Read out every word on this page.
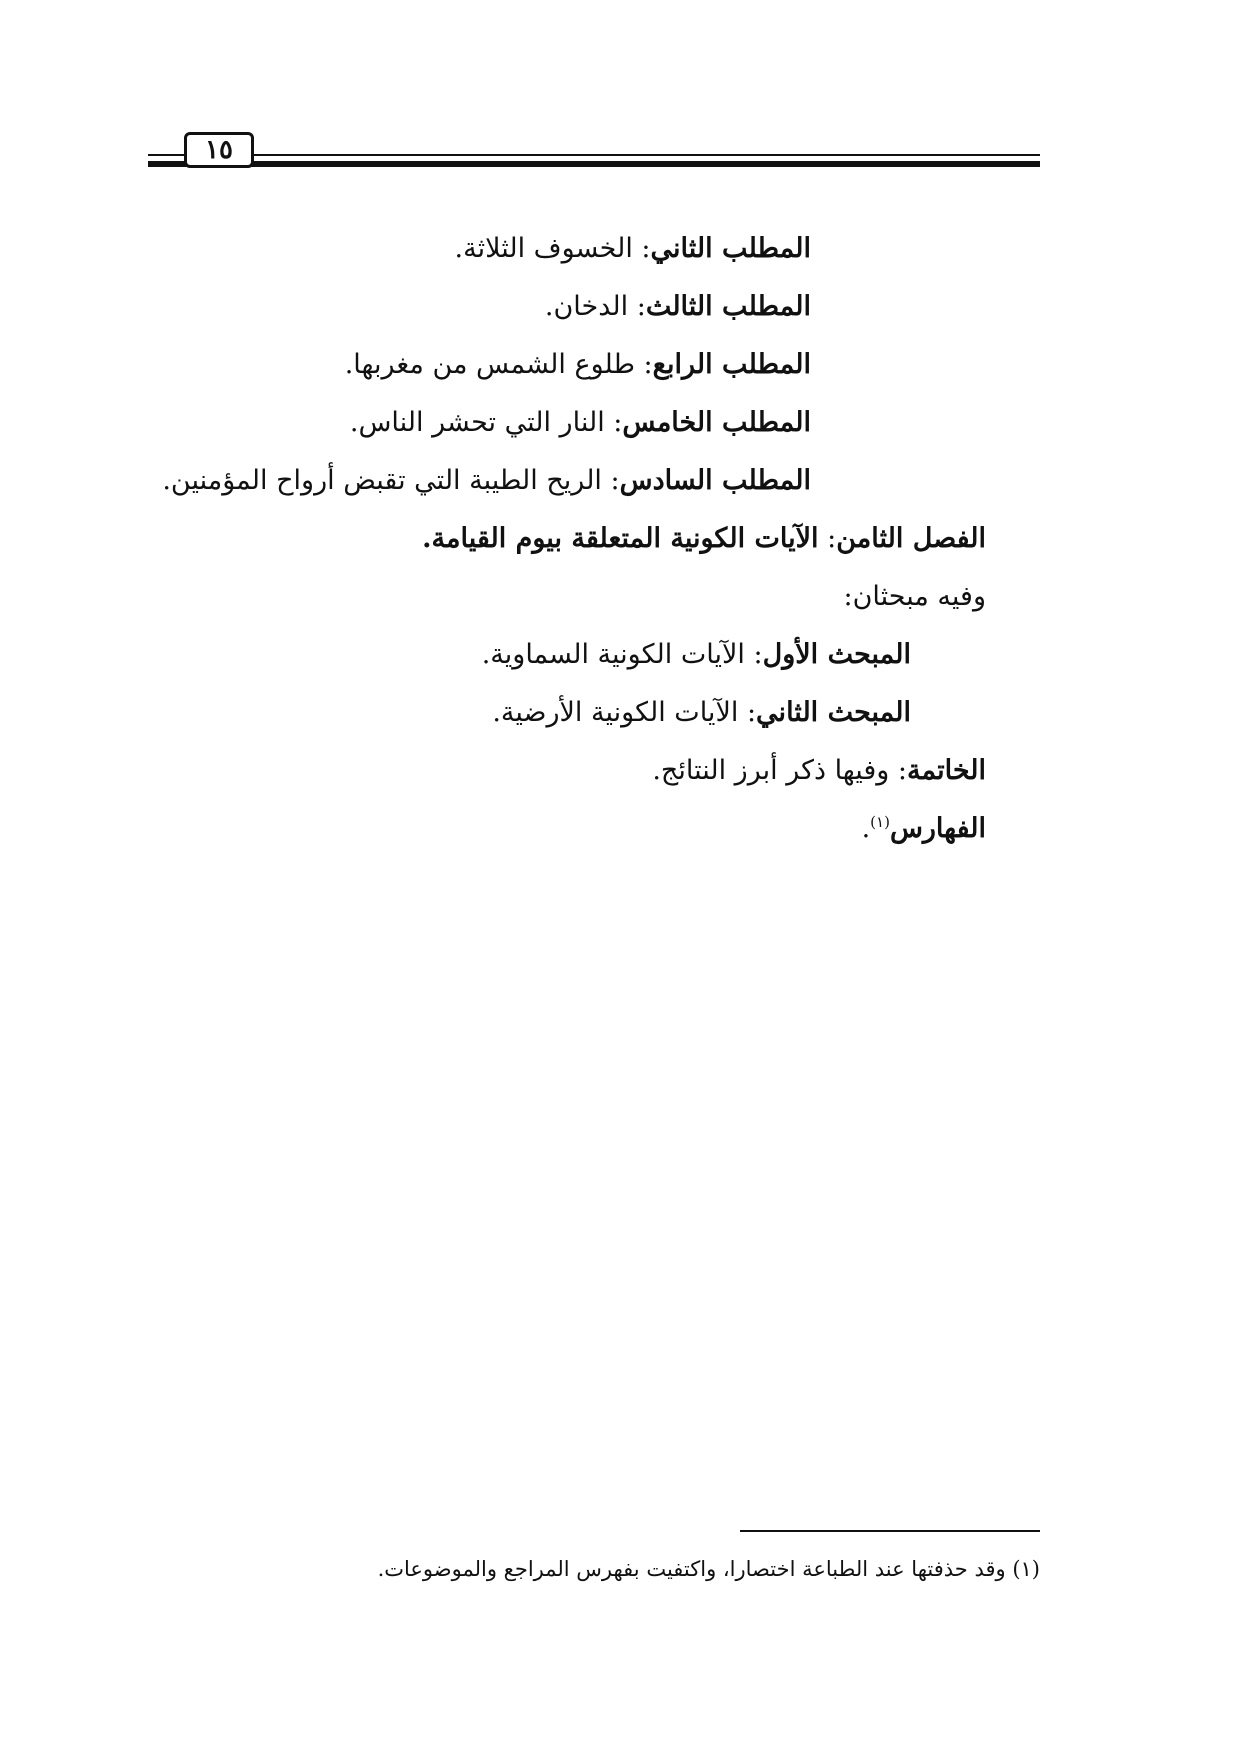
١٥
المطلب الثاني: الخسوف الثلاثة.
المطلب الثالث: الدخان.
المطلب الرابع: طلوع الشمس من مغربها.
المطلب الخامس: النار التي تحشر الناس.
المطلب السادس: الريح الطيبة التي تقبض أرواح المؤمنين.
الفصل الثامن: الآيات الكونية المتعلقة بيوم القيامة.
وفيه مبحثان:
المبحث الأول: الآيات الكونية السماوية.
المبحث الثاني: الآيات الكونية الأرضية.
الخاتمة: وفيها ذكر أبرز النتائج.
الفهارس$^{(١)}$.
(١) وقد حذفتها عند الطباعة اختصارا، واكتفيت بفهرس المراجع والموضوعات.
